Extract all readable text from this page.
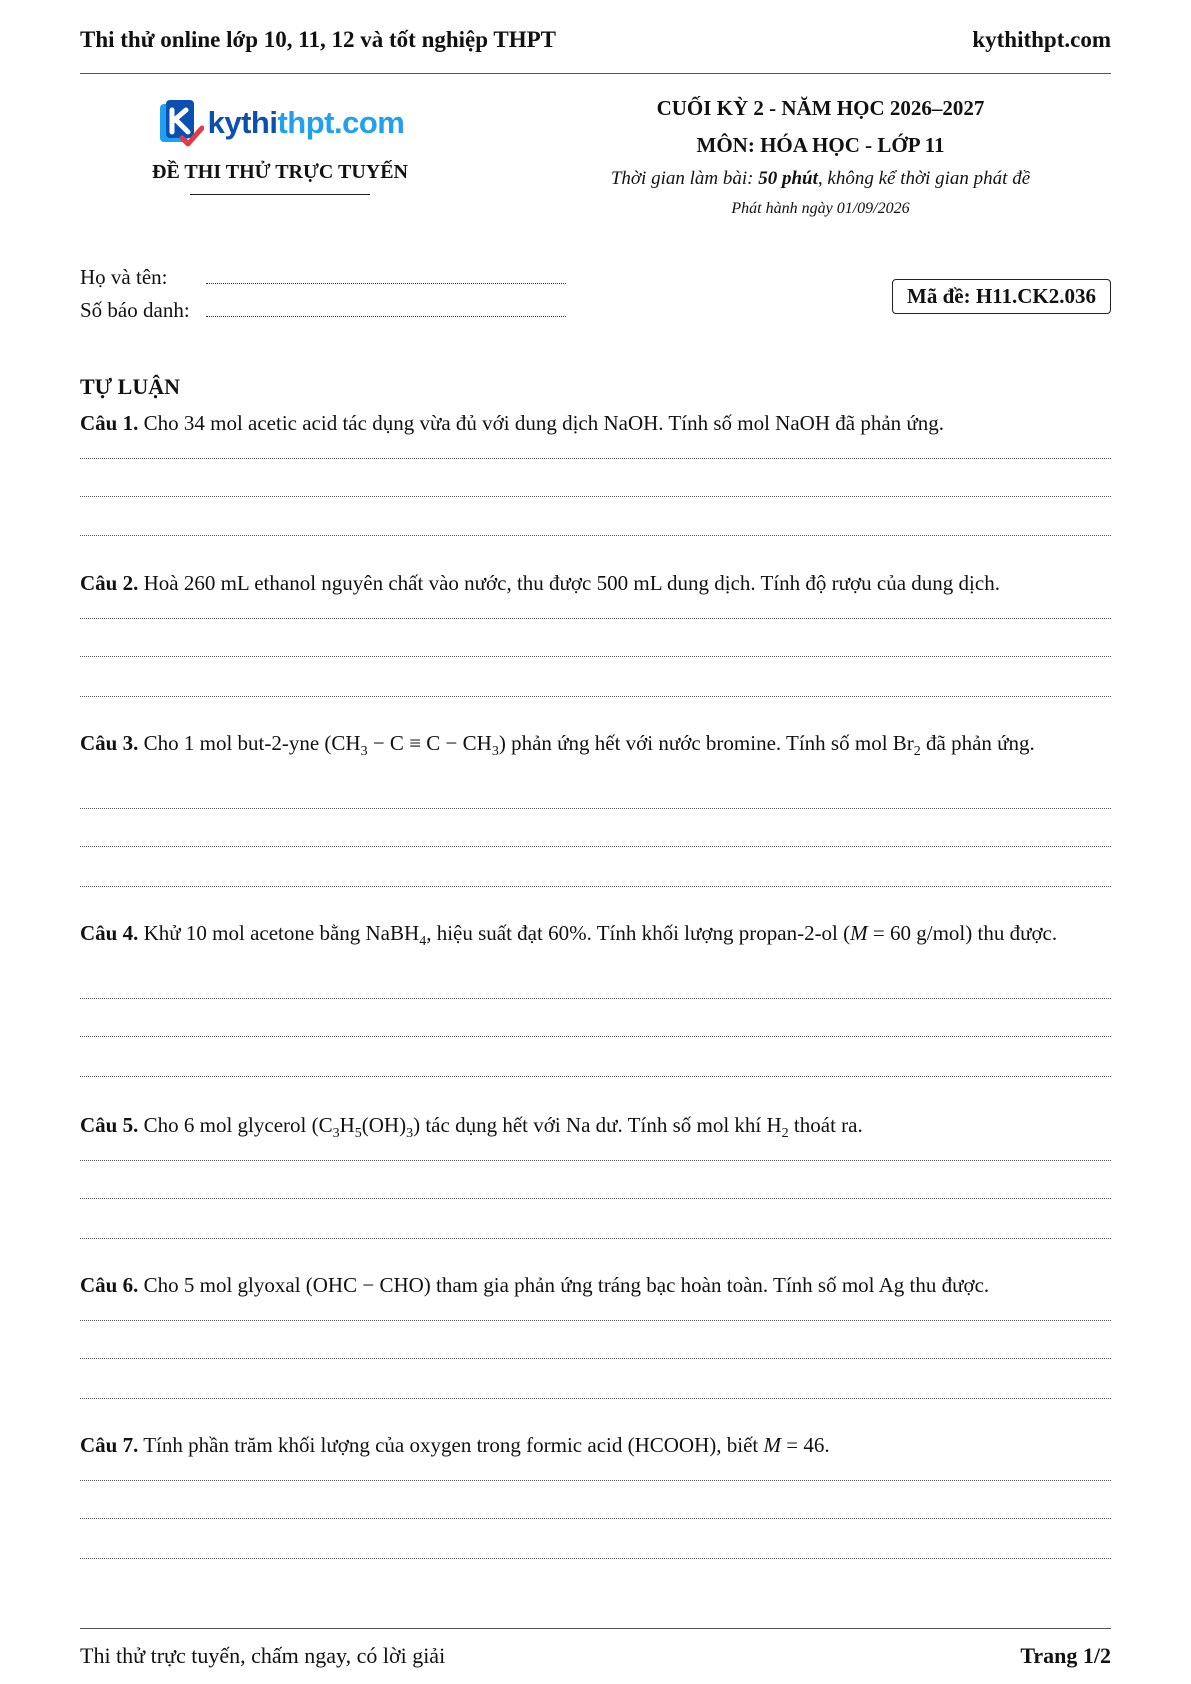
Thi thử online lớp 10, 11, 12 và tốt nghiệp THPT	kythithpt.com
kythithpt.com
ĐỀ THI THỬ TRỰC TUYẾN
CUỐI KỲ 2 - NĂM HỌC 2026–2027
MÔN: HÓA HỌC - LỚP 11
Thời gian làm bài: 50 phút, không kể thời gian phát đề
Phát hành ngày 01/09/2026
Họ và tên:
Số báo danh:
Mã đề: H11.CK2.036
TỰ LUẬN
Câu 1. Cho 34 mol acetic acid tác dụng vừa đủ với dung dịch NaOH. Tính số mol NaOH đã phản ứng.
Câu 2. Hoà 260 mL ethanol nguyên chất vào nước, thu được 500 mL dung dịch. Tính độ rượu của dung dịch.
Câu 3. Cho 1 mol but-2-yne $(CH_3 - C \equiv C - CH_3)$ phản ứng hết với nước bromine. Tính số mol $Br_2$ đã phản ứng.
Câu 4. Khử 10 mol acetone bằng NaBH$_4$, hiệu suất đạt 60%. Tính khối lượng propan-2-ol (M = 60 g/mol) thu được.
Câu 5. Cho 6 mol glycerol $(C_3H_5(OH)_3)$ tác dụng hết với Na dư. Tính số mol khí $H_2$ thoát ra.
Câu 6. Cho 5 mol glyoxal (OHC − CHO) tham gia phản ứng tráng bạc hoàn toàn. Tính số mol Ag thu được.
Câu 7. Tính phần trăm khối lượng của oxygen trong formic acid (HCOOH), biết M = 46.
Thi thử trực tuyến, chấm ngay, có lời giải	Trang 1/2
